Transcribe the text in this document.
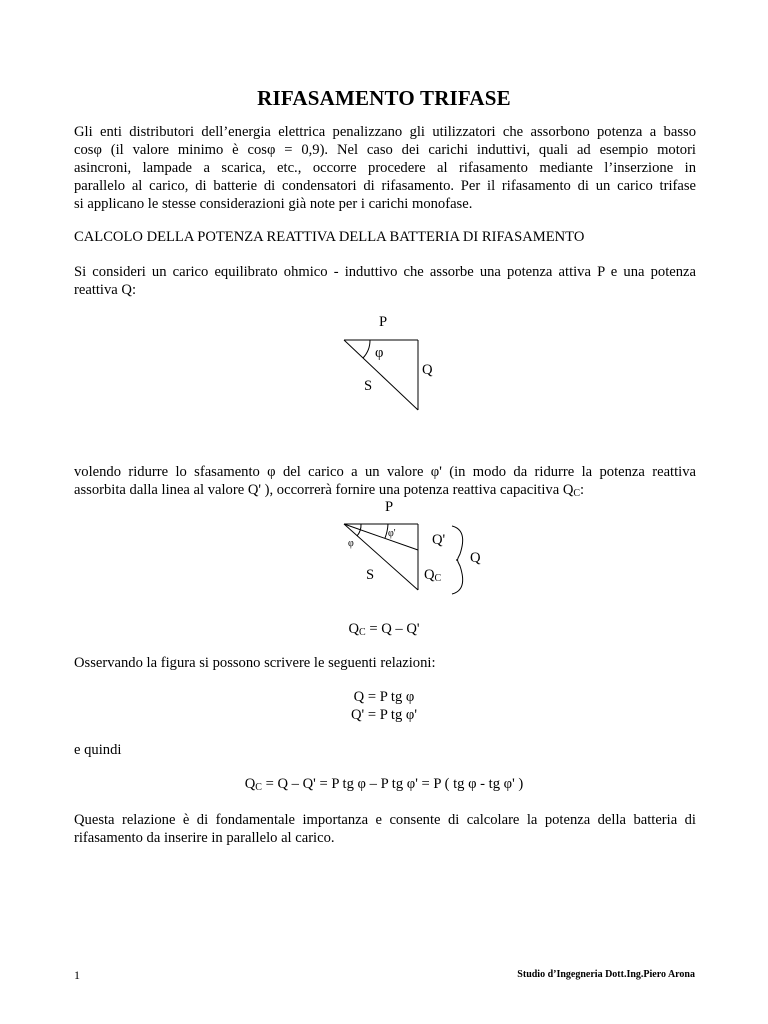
RIFASAMENTO TRIFASE
Gli enti distributori dell’energia elettrica penalizzano gli utilizzatori che assorbono potenza a basso
cosφ (il valore minimo è cosφ = 0,9). Nel caso dei carichi induttivi, quali ad esempio motori
asincroni, lampade a scarica, etc., occorre procedere al rifasamento mediante l’inserzione in
parallelo al carico, di batterie di condensatori di rifasamento. Per il rifasamento di un carico trifase
si applicano le stesse considerazioni già note per i carichi monofase.
CALCOLO DELLA POTENZA REATTIVA DELLA BATTERIA DI RIFASAMENTO
Si consideri un carico equilibrato ohmico - induttivo che assorbe una potenza attiva P e una potenza
reattiva Q:
P
φ
Q
S
volendo ridurre lo sfasamento φ del carico a un valore φ' (in modo da ridurre la potenza reattiva
assorbita dalla linea al valore Q' ), occorrerà fornire una potenza reattiva capacitiva $Q_C$:
P
φ'
φ	Q'
Q
S	QC
$Q_C = Q - Q'$
Osservando la figura si possono scrivere le seguenti relazioni:
Q = P tg φ
Q' = P tg φ'
e quindi
$Q_C = Q - Q' = P$ tg φ – P tg φ' = P ( tg φ - tg φ' )
Questa relazione è di fondamentale importanza e consente di calcolare la potenza della batteria di
rifasamento da inserire in parallelo al carico.
1	Studio d’Ingegneria Dott.Ing.Piero Arona
